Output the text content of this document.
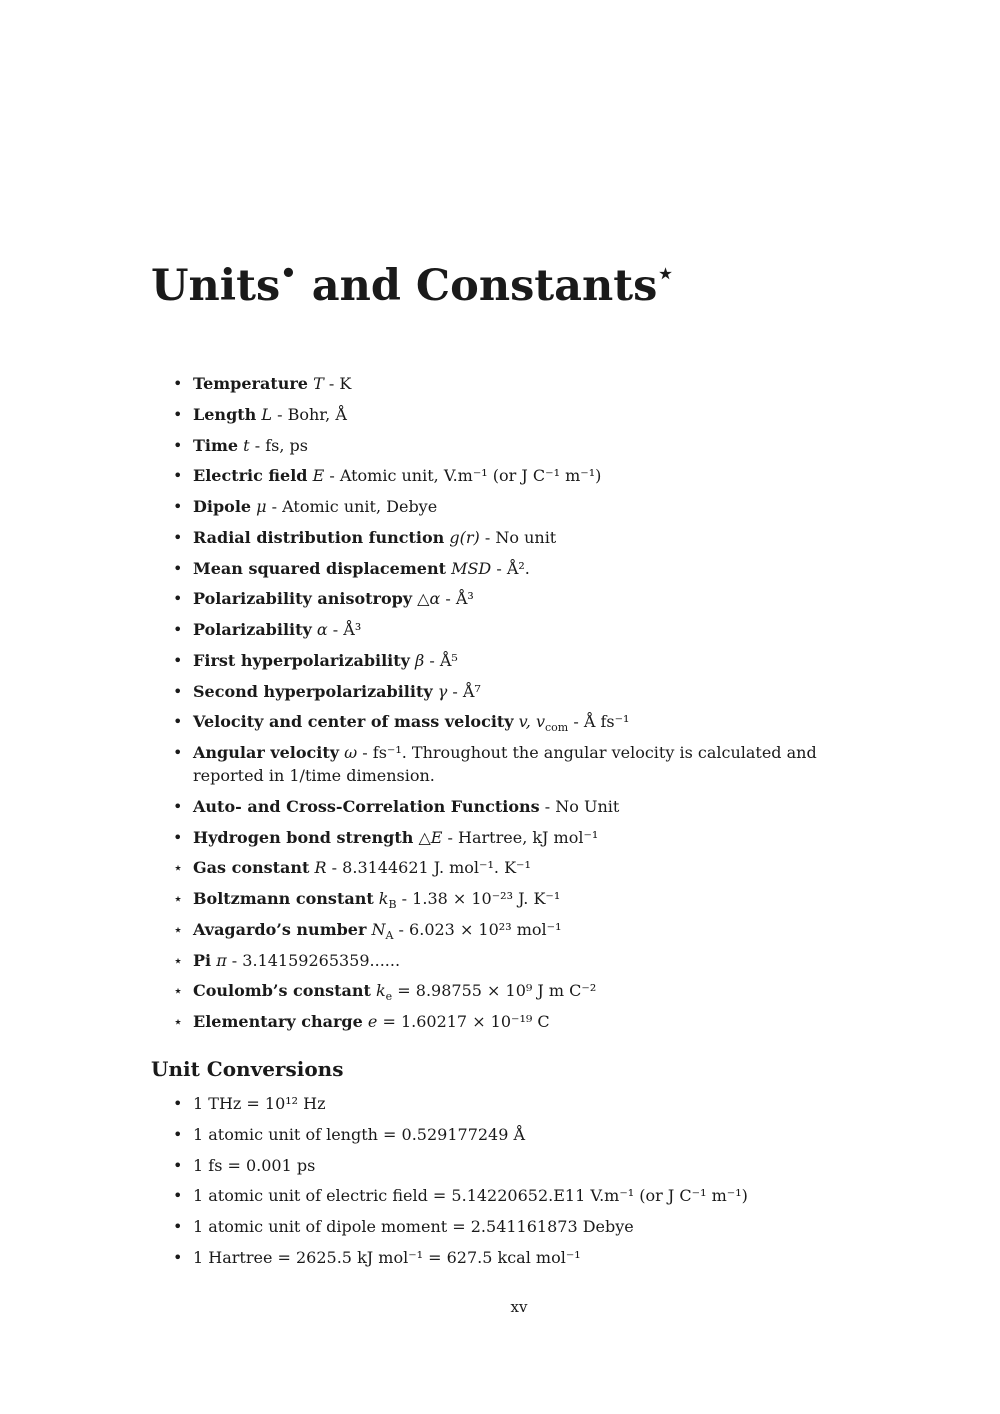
Units• and Constants⋆
• Temperature T - K
• Length L - Bohr, Å
• Time t - fs, ps
• Electric field E - Atomic unit, V.m⁻¹ (or J C⁻¹ m⁻¹)
• Dipole μ - Atomic unit, Debye
• Radial distribution function g(r) - No unit
• Mean squared displacement MSD - Å².
• Polarizability anisotropy △α - Å³
• Polarizability α - Å³
• First hyperpolarizability β - Å⁵
• Second hyperpolarizability γ - Å⁷
• Velocity and center of mass velocity v, $v_{com}$ - Å fs⁻¹
• Angular velocity ω - fs⁻¹. Throughout the angular velocity is calculated and reported in 1/time dimension.
• Auto- and Cross-Correlation Functions - No Unit
• Hydrogen bond strength △E - Hartree, kJ mol⁻¹
⋆ Gas constant R - 8.3144621 J. mol⁻¹. K⁻¹
⋆ Boltzmann constant $k_B - 1.38 \times 10^{-23}$ J. K⁻¹
⋆ Avagardo’s number $N_A - 6.023 \times 10^{23}$ mol⁻¹
⋆ Pi π - 3.14159265359......
⋆ Coulomb’s constant $k_e = 8.98755 \times 10^9$ J m C⁻²
⋆ Elementary charge e = 1.60217 × 10⁻¹⁹ C
Unit Conversions
• 1 THz = 10¹² Hz
• 1 atomic unit of length = 0.529177249 Å
• 1 fs = 0.001 ps
• 1 atomic unit of electric field = 5.14220652.E11 V.m⁻¹ (or J C⁻¹ m⁻¹)
• 1 atomic unit of dipole moment = 2.541161873 Debye
• 1 Hartree = 2625.5 kJ mol⁻¹ = 627.5 kcal mol⁻¹
xv
